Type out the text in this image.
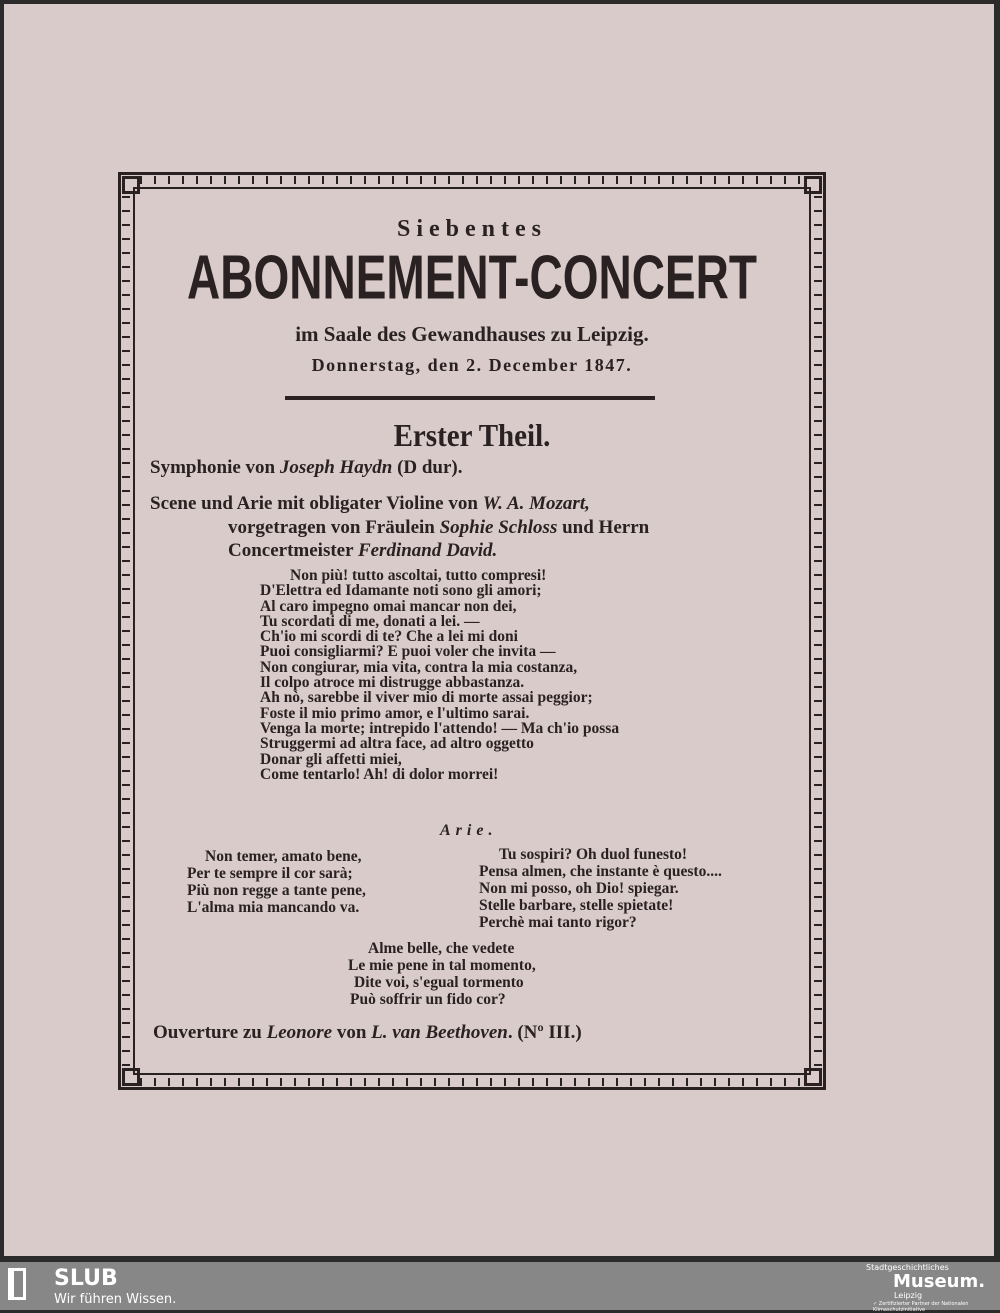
Siebentes
ABONNEMENT-CONCERT
im Saale des Gewandhauses zu Leipzig.
Donnerstag, den 2. December 1847.
Erster Theil.
Symphonie von Joseph Haydn (D dur).
Scene und Arie mit obligater Violine von W. A. Mozart,
vorgetragen von Fräulein Sophie Schloss und Herrn
Concertmeister Ferdinand David.
Non più! tutto ascoltai, tutto compresi!
D'Elettra ed Idamante noti sono gli amori;
Al caro impegno omai mancar non dei,
Tu scordati di me, donati a lei. —
Ch'io mi scordi di te? Che a lei mi doni
Puoi consigliarmi? E puoi voler che invita —
Non congiurar, mia vita, contra la mia costanza,
Il colpo atroce mi distrugge abbastanza.
Ah nò, sarebbe il viver mio di morte assai peggior;
Foste il mio primo amor, e l'ultimo sarai.
Venga la morte; intrepido l'attendo! — Ma ch'io possa
Struggermi ad altra face, ad altro oggetto
Donar gli affetti miei,
Come tentarlo! Ah! di dolor morrei!
Arie.
Non temer, amato bene,
Per te sempre il cor sarà;
Più non regge a tante pene,
L'alma mia mancando va.
Tu sospiri? Oh duol funesto!
Pensa almen, che instante è questo....
Non mi posso, oh Dio! spiegar.
Stelle barbare, stelle spietate!
Perchè mai tanto rigor?
Alme belle, che vedete
Le mie pene in tal momento,
Dite voi, s'egual tormento
Può soffrir un fido cor?
Ouverture zu Leonore von L. van Beethoven. (Nº III.)
SLUB
Wir führen Wissen.
Stadtgeschichtliches
Museum.
Leipzig
✓ Zertifizierter Partner der Nationalen Klimaschutzinitiative
